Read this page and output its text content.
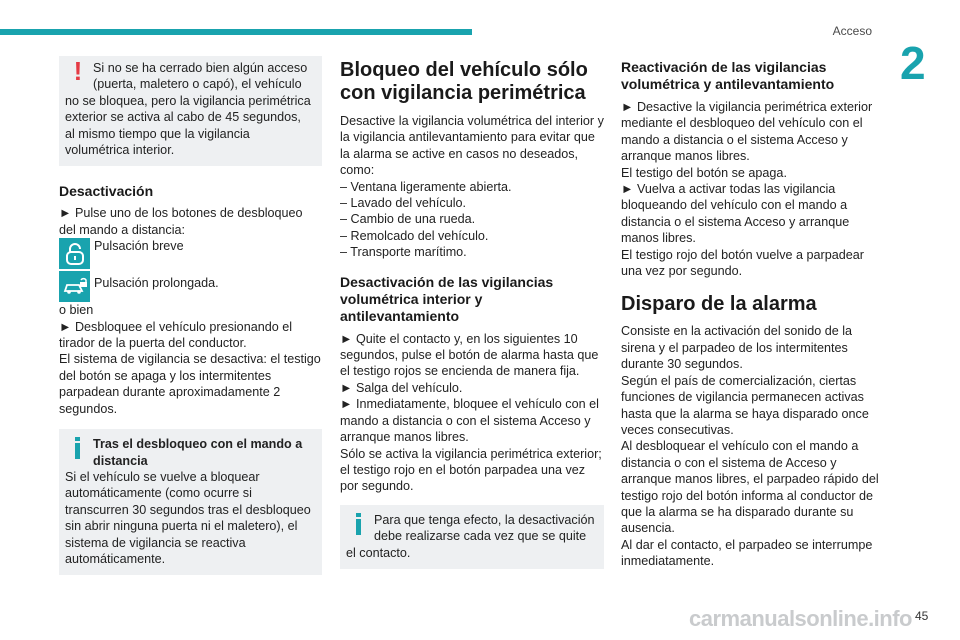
Acceso
2
! Si no se ha cerrado bien algún acceso (puerta, maletero o capó), el vehículo no se bloquea, pero la vigilancia perimétrica exterior se activa al cabo de 45 segundos, al mismo tiempo que la vigilancia volumétrica interior.

Desactivación

► Pulse uno de los botones de desbloqueo del mando a distancia:

Pulsación breve
Pulsación prolongada.

o bien

► Desbloquee el vehículo presionando el tirador de la puerta del conductor.

El sistema de vigilancia se desactiva: el testigo del botón se apaga y los intermitentes parpadean durante aproximadamente 2 segundos.

Tras el desbloqueo con el mando a distancia

Si el vehículo se vuelve a bloquear automáticamente (como ocurre si transcurren 30 segundos tras el desbloqueo sin abrir ninguna puerta ni el maletero), el sistema de vigilancia se reactiva automáticamente.

Bloqueo del vehículo sólo con vigilancia perimétrica

Desactive la vigilancia volumétrica del interior y la vigilancia antilevantamiento para evitar que la alarma se active en casos no deseados, como:

– Ventana ligeramente abierta.

– Lavado del vehículo.

– Cambio de una rueda.

– Remolcado del vehículo.

– Transporte marítimo.

Desactivación de las vigilancias volumétrica interior y antilevantamiento

► Quite el contacto y, en los siguientes 10 segundos, pulse el botón de alarma hasta que el testigo rojos se encienda de manera fija.

► Salga del vehículo.

► Inmediatamente, bloquee el vehículo con el mando a distancia o con el sistema Acceso y arranque manos libres.

Sólo se activa la vigilancia perimétrica exterior; el testigo rojo en el botón parpadea una vez por segundo.

Para que tenga efecto, la desactivación debe realizarse cada vez que se quite el contacto.

Reactivación de las vigilancias volumétrica y antilevantamiento

► Desactive la vigilancia perimétrica exterior mediante el desbloqueo del vehículo con el mando a distancia o el sistema Acceso y arranque manos libres.

El testigo del botón se apaga.

► Vuelva a activar todas las vigilancia bloqueando del vehículo con el mando a distancia o el sistema Acceso y arranque manos libres.

El testigo rojo del botón vuelve a parpadear una vez por segundo.

Disparo de la alarma

Consiste en la activación del sonido de la sirena y el parpadeo de los intermitentes durante 30 segundos.

Según el país de comercialización, ciertas funciones de vigilancia permanecen activas hasta que la alarma se haya disparado once veces consecutivas.

Al desbloquear el vehículo con el mando a distancia o con el sistema de Acceso y arranque manos libres, el parpadeo rápido del testigo rojo del botón informa al conductor de que la alarma se ha disparado durante su ausencia.

Al dar el contacto, el parpadeo se interrumpe inmediatamente.

carmanualsonline.info 45
